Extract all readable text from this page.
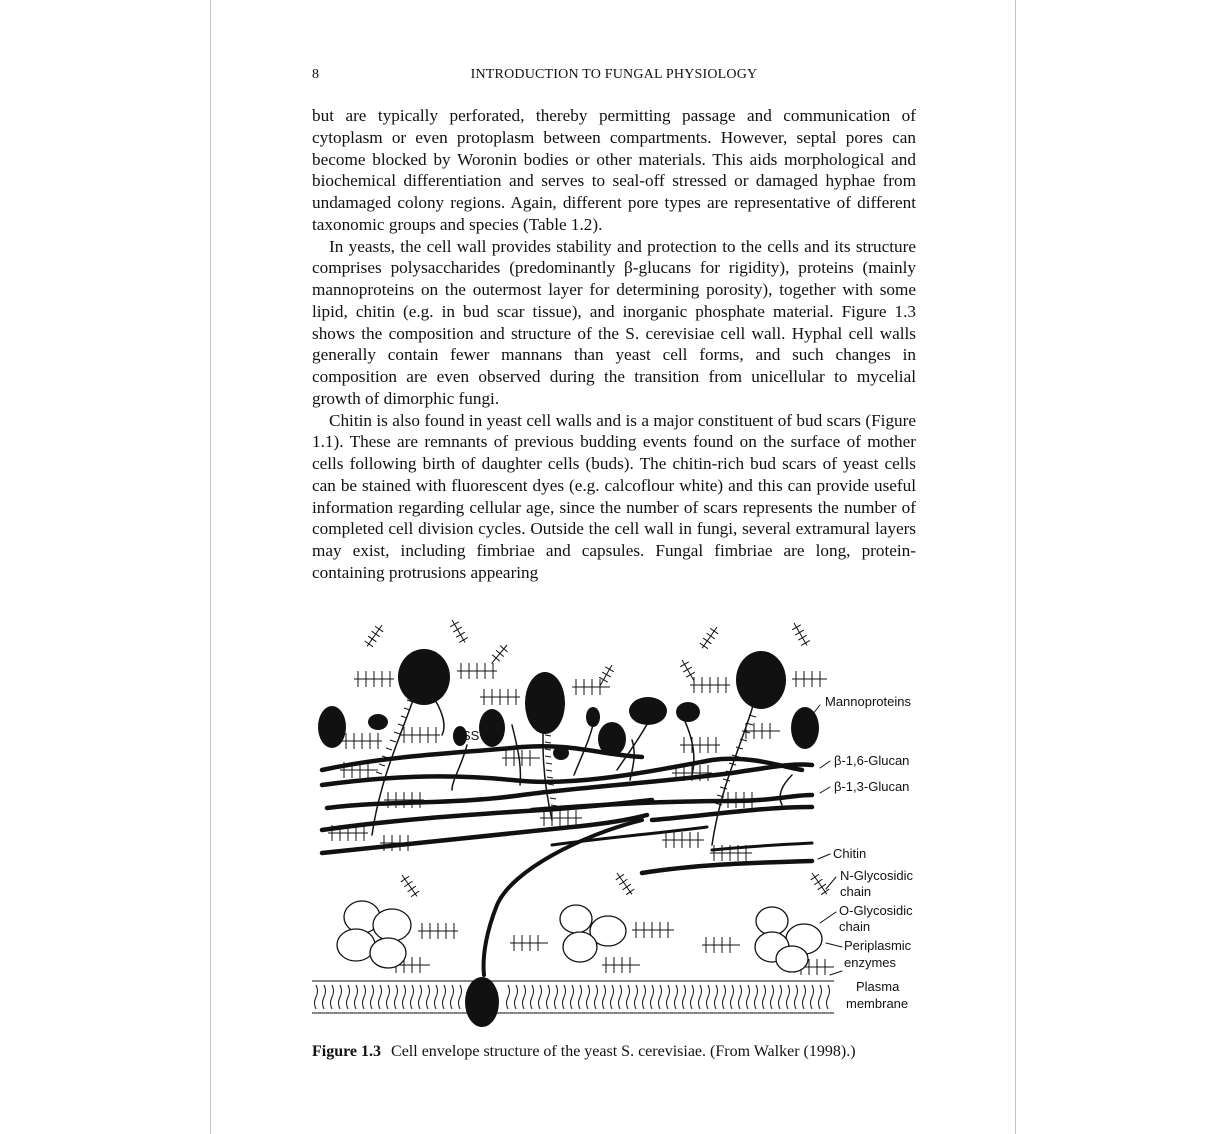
8	INTRODUCTION TO FUNGAL PHYSIOLOGY

but are typically perforated, thereby permitting passage and communication of cytoplasm or even protoplasm between compartments. However, septal pores can become blocked by Woronin bodies or other materials. This aids morphological and biochemical differentiation and serves to seal-off stressed or damaged hyphae from undamaged colony regions. Again, different pore types are representative of different taxonomic groups and species (Table 1.2).

In yeasts, the cell wall provides stability and protection to the cells and its structure comprises polysaccharides (predominantly β-glucans for rigidity), proteins (mainly mannoproteins on the outermost layer for determining porosity), together with some lipid, chitin (e.g. in bud scar tissue), and inorganic phosphate material. Figure 1.3 shows the composition and structure of the S. cerevisiae cell wall. Hyphal cell walls generally contain fewer mannans than yeast cell forms, and such changes in composition are even observed during the transition from unicellular to mycelial growth of dimorphic fungi.

Chitin is also found in yeast cell walls and is a major constituent of bud scars (Figure 1.1). These are remnants of previous budding events found on the surface of mother cells following birth of daughter cells (buds). The chitin-rich bud scars of yeast cells can be stained with fluorescent dyes (e.g. calcoflour white) and this can provide useful information regarding cellular age, since the number of scars represents the number of completed cell division cycles. Outside the cell wall in fungi, several extramural layers may exist, including fimbriae and capsules. Fungal fimbriae are long, protein-containing protrusions appearing

SS
Mannoproteins
β-1,6-Glucan
β-1,3-Glucan
Chitin
N-Glycosidic
chain
O-Glycosidic
chain
Periplasmic
enzymes
Plasma
membrane
Figure 1.3 Cell envelope structure of the yeast S. cerevisiae. (From Walker (1998).)
